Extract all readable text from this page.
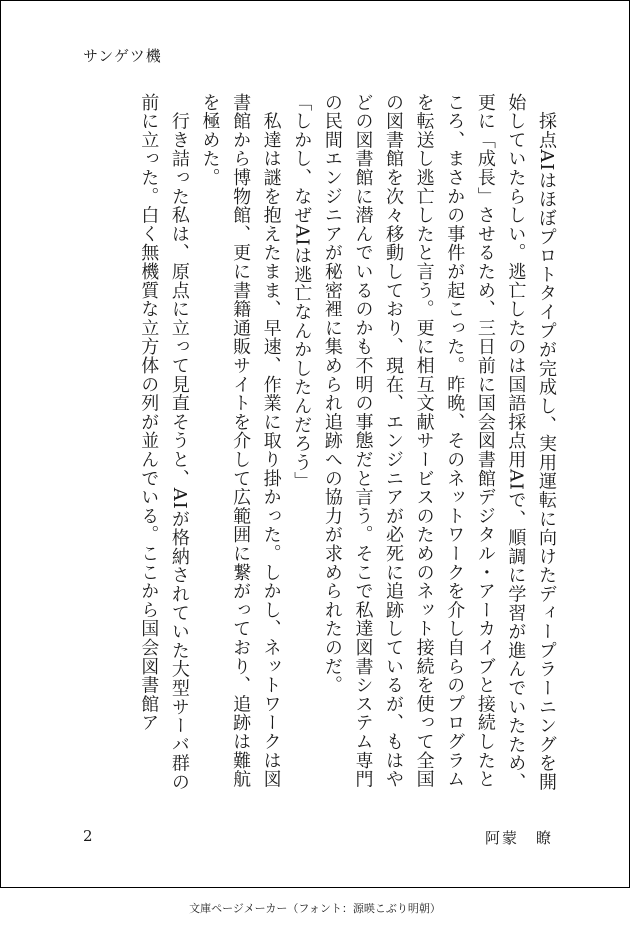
サンゲツ機

　採点AIはほぼプロトタイプが完成し、実用運転に向けたディープラーニングを開始していたらしい。逃亡したのは国語採点用AIで、順調に学習が進んでいたため、更に「成長」させるため、三日前に国会図書館デジタル・アーカイブと接続したところ、まさかの事件が起こった。昨晩、そのネットワークを介し自らのプログラムを転送し逃亡したと言う。更に相互文献サービスのためのネット接続を使って全国の図書館を次々移動しており、現在、エンジニアが必死に追跡しているが、もはやどの図書館に潜んでいるのかも不明の事態だと言う。そこで私達図書システム専門の民間エンジニアが秘密裡に集められ追跡への協力が求められたのだ。

「しかし、なぜAIは逃亡なんかしたんだろう」

　私達は謎を抱えたまま、早速、作業に取り掛かった。しかし、ネットワークは図書館から博物館、更に書籍通販サイトを介して広範囲に繋がっており、追跡は難航を極めた。

　行き詰った私は、原点に立って見直そうと、AIが格納されていた大型サーバ群の前に立った。白く無機質な立方体の列が並んでいる。ここから国会図書館ア

2	阿蒙　瞭
文庫ページメーカー（フォント：源暎こぶり明朝）
